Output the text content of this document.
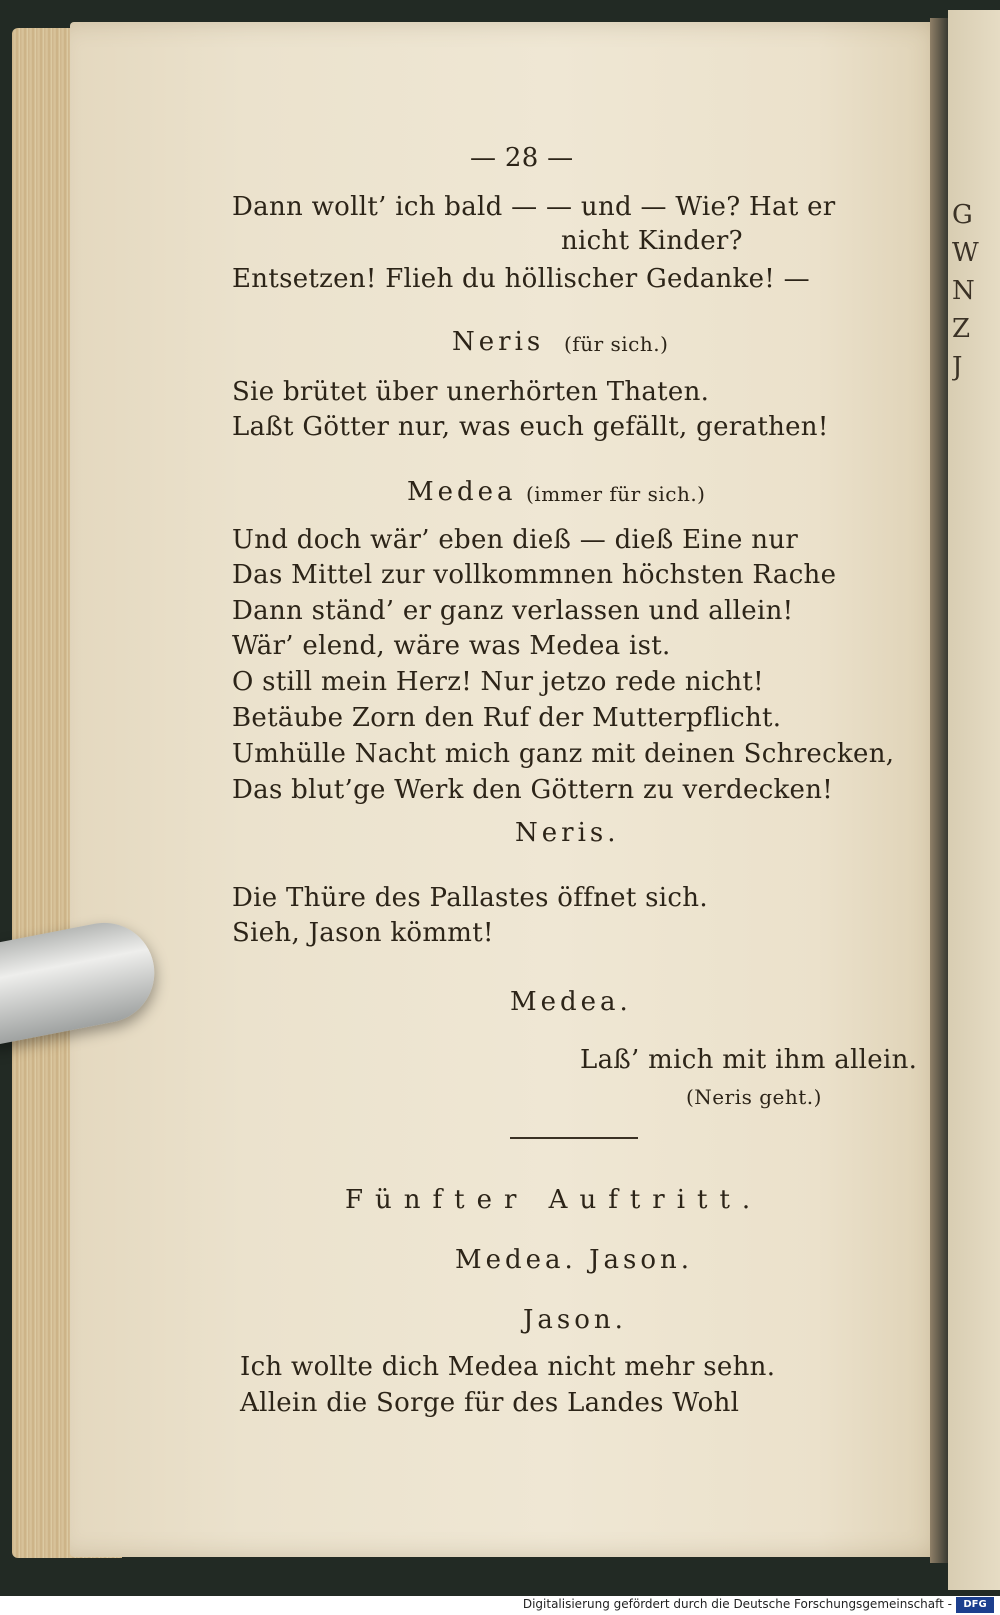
G
W
N
Z
J
— 28 —
Dann wollt’ ich bald — — und — Wie? Hat er
nicht Kinder?
Entsetzen! Flieh du höllischer Gedanke! —
Neris (für sich.)
Sie brütet über unerhörten Thaten.
Laßt Götter nur, was euch gefällt, gerathen!
Medea (immer für sich.)
Und doch wär’ eben dieß — dieß Eine nur
Das Mittel zur vollkommnen höchsten Rache
Dann ständ’ er ganz verlassen und allein!
Wär’ elend, wäre was Medea ist.
O still mein Herz! Nur jetzo rede nicht!
Betäube Zorn den Ruf der Mutterpflicht.
Umhülle Nacht mich ganz mit deinen Schrecken,
Das blut’ge Werk den Göttern zu verdecken!
Neris.
Die Thüre des Pallastes öffnet sich.
Sieh, Jason kömmt!
Medea.
Laß’ mich mit ihm allein.
(Neris geht.)
Fünfter Auftritt.
Medea. Jason.
Jason.
Ich wollte dich Medea nicht mehr sehn.
Allein die Sorge für des Landes Wohl
Digitalisierung gefördert durch die Deutsche Forschungsgemeinschaft -	DFG
